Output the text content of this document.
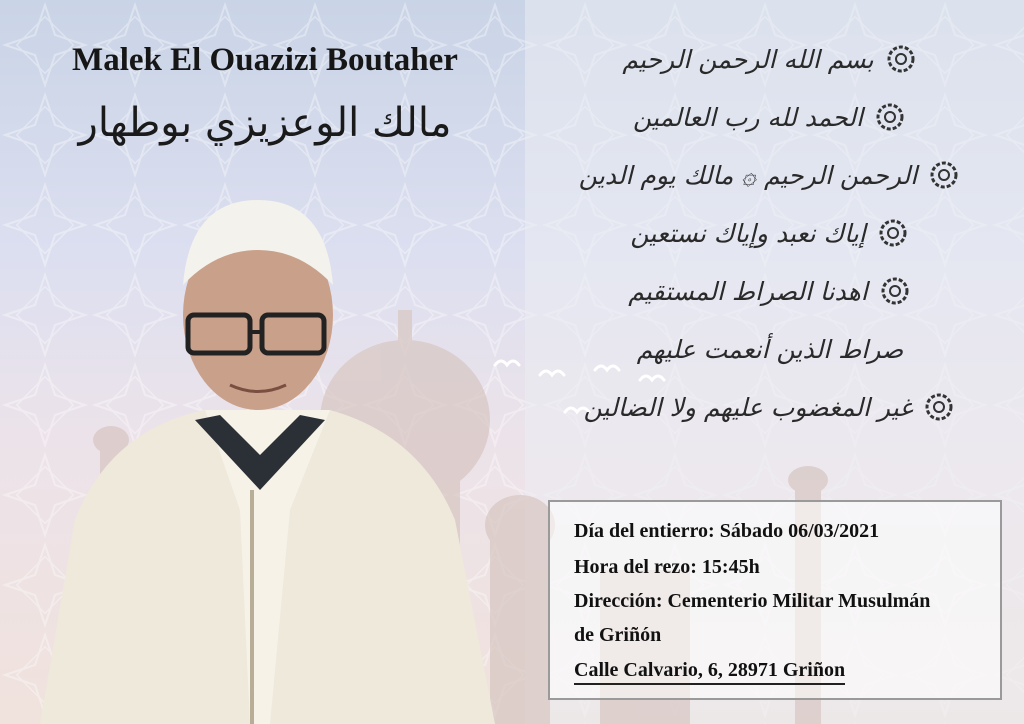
Malek El Ouazizi Boutaher
مالك الوعزيزي بوطهار
بسم الله الرحمن الرحيم
الحمد لله رب العالمين
الرحمن الرحيم ۞ مالك يوم الدين
إياك نعبد وإياك نستعين
اهدنا الصراط المستقيم
صراط الذين أنعمت عليهم
غير المغضوب عليهم ولا الضالين
Día del entierro: Sábado 06/03/2021
Hora del rezo: 15:45h
Dirección: Cementerio Militar Musulmán
de Griñón
Calle Calvario, 6, 28971 Griñon
